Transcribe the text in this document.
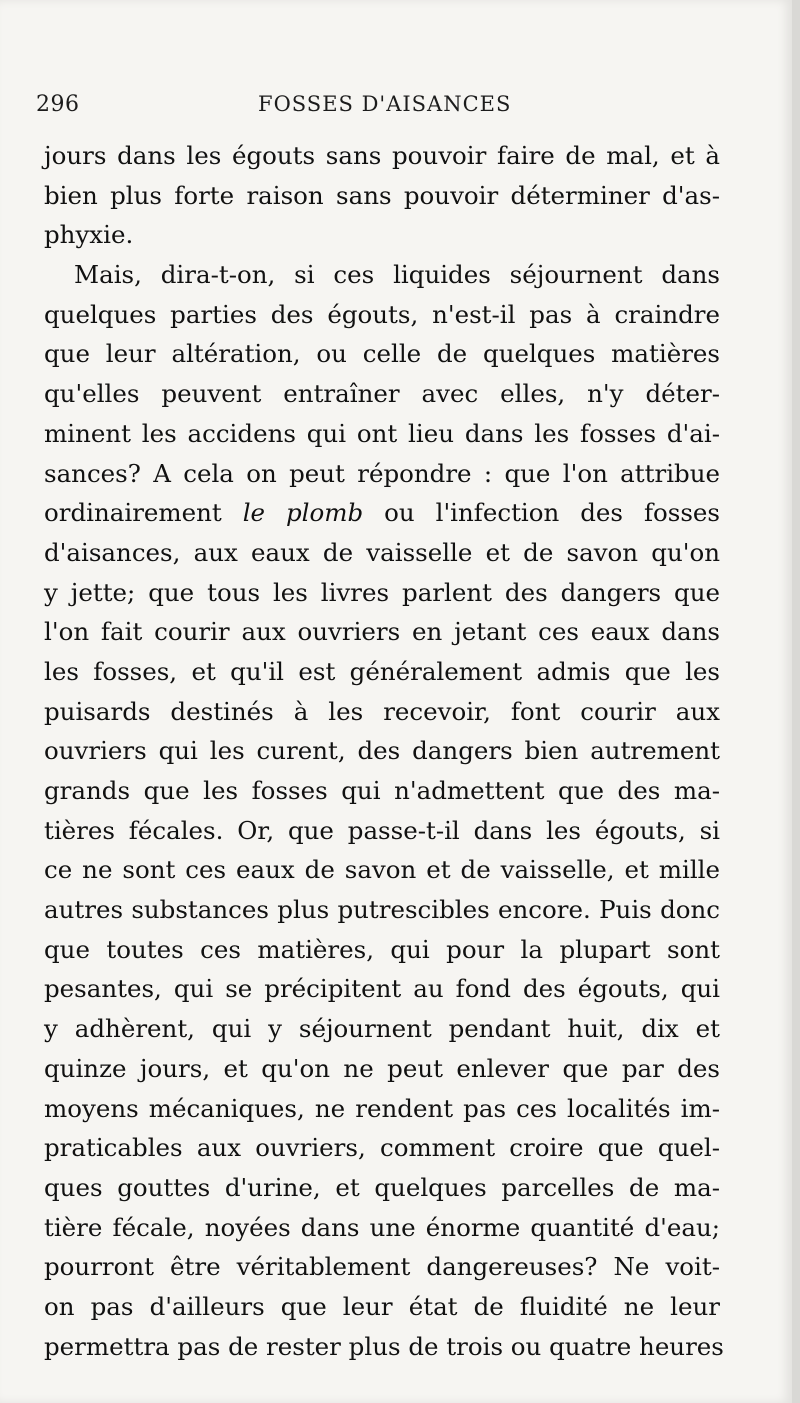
296	FOSSES D'AISANCES
jours dans les égouts sans pouvoir faire de mal, et à
bien plus forte raison sans pouvoir déterminer d'as-
phyxie.
Mais, dira-t-on, si ces liquides séjournent dans
quelques parties des égouts, n'est-il pas à craindre
que leur altération, ou celle de quelques matières
qu'elles peuvent entraîner avec elles, n'y déter-
minent les accidens qui ont lieu dans les fosses d'ai-
sances? A cela on peut répondre : que l'on attribue
ordinairement le plomb ou l'infection des fosses
d'aisances, aux eaux de vaisselle et de savon qu'on
y jette; que tous les livres parlent des dangers que
l'on fait courir aux ouvriers en jetant ces eaux dans
les fosses, et qu'il est généralement admis que les
puisards destinés à les recevoir, font courir aux
ouvriers qui les curent, des dangers bien autrement
grands que les fosses qui n'admettent que des ma-
tières fécales. Or, que passe-t-il dans les égouts, si
ce ne sont ces eaux de savon et de vaisselle, et mille
autres substances plus putrescibles encore. Puis donc
que toutes ces matières, qui pour la plupart sont
pesantes, qui se précipitent au fond des égouts, qui
y adhèrent, qui y séjournent pendant huit, dix et
quinze jours, et qu'on ne peut enlever que par des
moyens mécaniques, ne rendent pas ces localités im-
praticables aux ouvriers, comment croire que quel-
ques gouttes d'urine, et quelques parcelles de ma-
tière fécale, noyées dans une énorme quantité d'eau;
pourront être véritablement dangereuses? Ne voit-
on pas d'ailleurs que leur état de fluidité ne leur
permettra pas de rester plus de trois ou quatre heures
